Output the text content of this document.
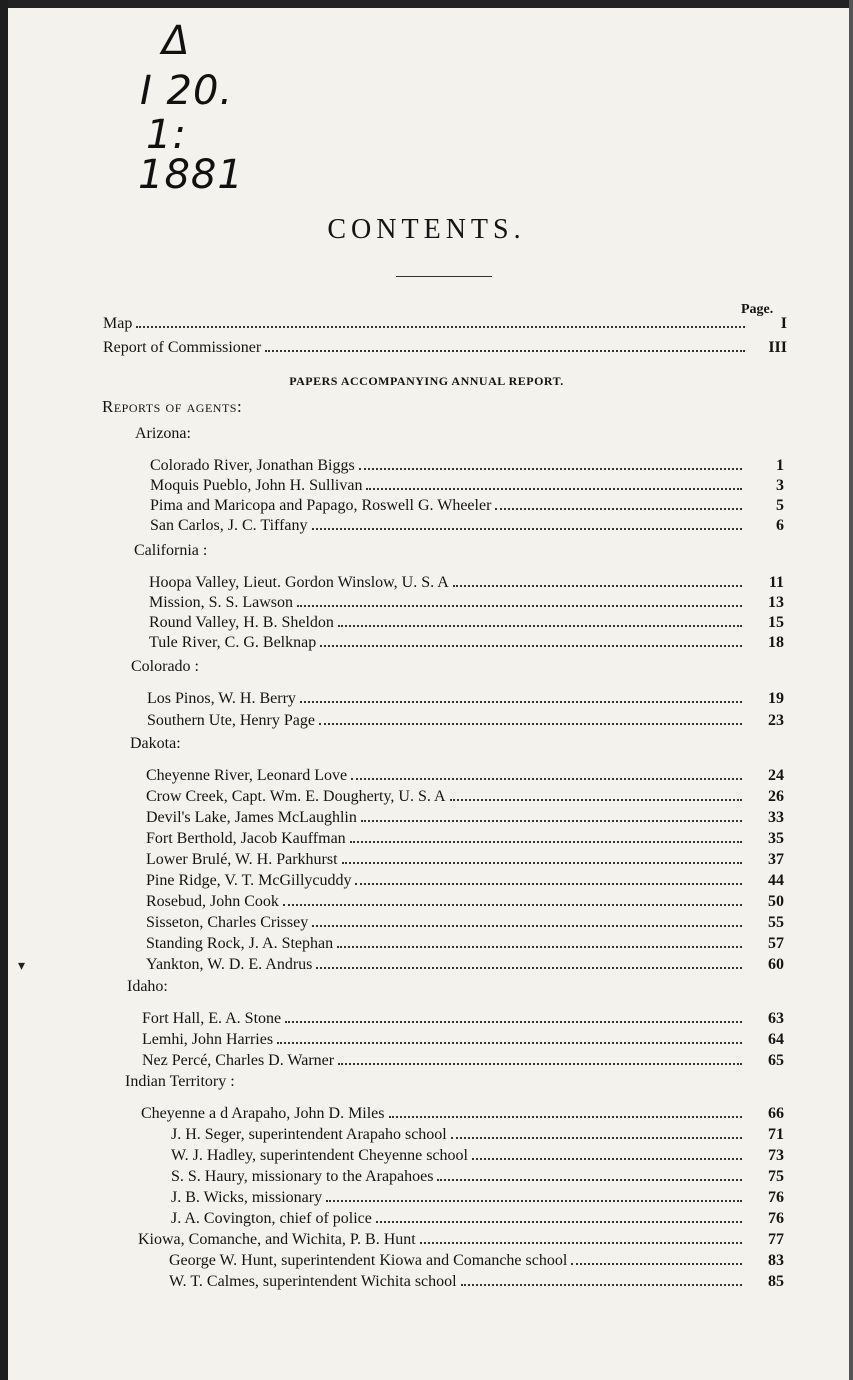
Δ
I 20.
1:
1881
CONTENTS.
Page.
Map	I
Report of Commissioner	III
PAPERS ACCOMPANYING ANNUAL REPORT.
Reports of agents:
Arizona:
Colorado River, Jonathan Biggs	1
Moquis Pueblo, John H. Sullivan	3
Pima and Maricopa and Papago, Roswell G. Wheeler	5
San Carlos, J. C. Tiffany	6
California :
Hoopa Valley, Lieut. Gordon Winslow, U. S. A	11
Mission, S. S. Lawson	13
Round Valley, H. B. Sheldon	15
Tule River, C. G. Belknap	18
Colorado :
Los Pinos, W. H. Berry	19
Southern Ute, Henry Page	23
Dakota:
Cheyenne River, Leonard Love	24
Crow Creek, Capt. Wm. E. Dougherty, U. S. A	26
Devil's Lake, James McLaughlin	33
Fort Berthold, Jacob Kauffman	35
Lower Brulé, W. H. Parkhurst	37
Pine Ridge, V. T. McGillycuddy	44
Rosebud, John Cook	50
Sisseton, Charles Crissey	55
Standing Rock, J. A. Stephan	57
Yankton, W. D. E. Andrus	60
▾
Idaho:
Fort Hall, E. A. Stone	63
Lemhi, John Harries	64
Nez Percé, Charles D. Warner	65
Indian Territory :
Cheyenne a d Arapaho, John D. Miles	66
J. H. Seger, superintendent Arapaho school	71
W. J. Hadley, superintendent Cheyenne school	73
S. S. Haury, missionary to the Arapahoes	75
J. B. Wicks, missionary	76
J. A. Covington, chief of police	76
Kiowa, Comanche, and Wichita, P. B. Hunt	77
George W. Hunt, superintendent Kiowa and Comanche school	83
W. T. Calmes, superintendent Wichita school	85
